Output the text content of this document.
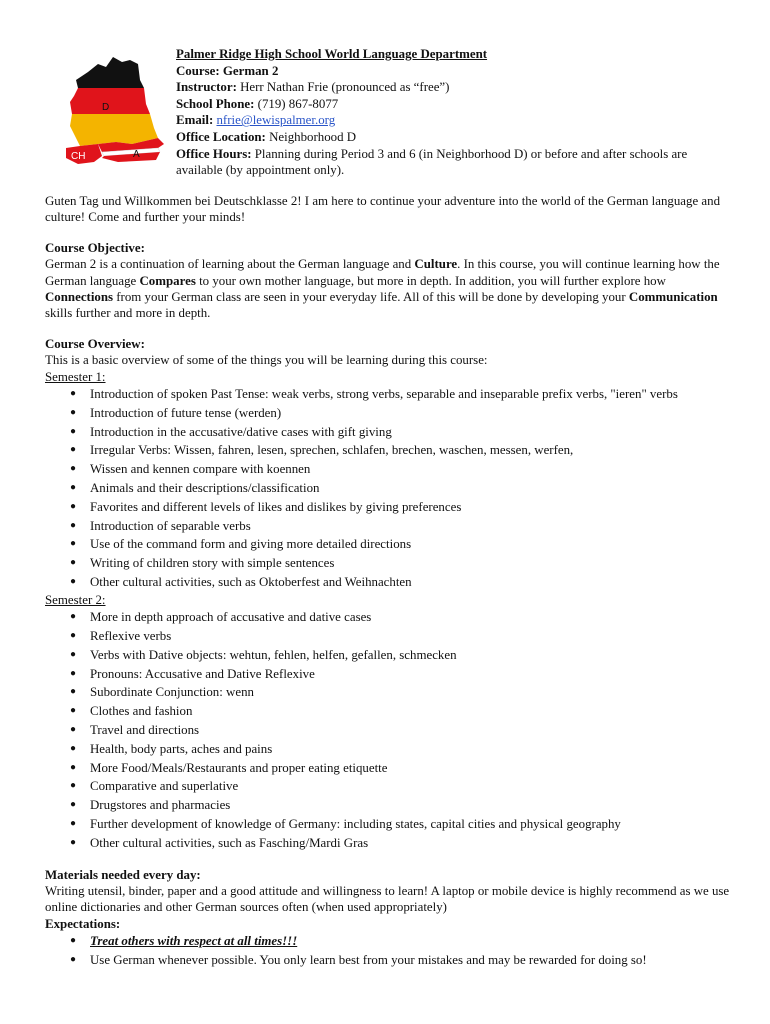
D
CH	A
Palmer Ridge High School World Language Department
Course: German 2
Instructor: Herr Nathan Frie (pronounced as “free”)
School Phone: (719) 867-8077
Email: nfrie@lewispalmer.org
Office Location: Neighborhood D
Office Hours: Planning during Period 3 and 6 (in Neighborhood D) or before and after schools are available (by appointment only).

Guten Tag und Willkommen bei Deutschklasse 2! I am here to continue your adventure into the world of the German language and culture! Come and further your minds!

Course Objective:

German 2 is a continuation of learning about the German language and Culture. In this course, you will continue learning how the German language Compares to your own mother language, but more in depth. In addition, you will further explore how Connections from your German class are seen in your everyday life. All of this will be done by developing your Communication skills further and more in depth.

Course Overview:

This is a basic overview of some of the things you will be learning during this course:

Semester 1:

● Introduction of spoken Past Tense: weak verbs, strong verbs, separable and inseparable prefix verbs, "ieren" verbs
● Introduction of future tense (werden)
● Introduction in the accusative/dative cases with gift giving
● Irregular Verbs: Wissen, fahren, lesen, sprechen, schlafen, brechen, waschen, messen, werfen,
● Wissen and kennen compare with koennen
● Animals and their descriptions/classification
● Favorites and different levels of likes and dislikes by giving preferences
● Introduction of separable verbs
● Use of the command form and giving more detailed directions
● Writing of children story with simple sentences
● Other cultural activities, such as Oktoberfest and Weihnachten

Semester 2:

● More in depth approach of accusative and dative cases
● Reflexive verbs
● Verbs with Dative objects: wehtun, fehlen, helfen, gefallen, schmecken
● Pronouns: Accusative and Dative Reflexive
● Subordinate Conjunction: wenn
● Clothes and fashion
● Travel and directions
● Health, body parts, aches and pains
● More Food/Meals/Restaurants and proper eating etiquette
● Comparative and superlative
● Drugstores and pharmacies
● Further development of knowledge of Germany: including states, capital cities and physical geography
● Other cultural activities, such as Fasching/Mardi Gras

Materials needed every day:

Writing utensil, binder, paper and a good attitude and willingness to learn! A laptop or mobile device is highly recommend as we use online dictionaries and other German sources often (when used appropriately)

Expectations:

● Treat others with respect at all times!!!
● Use German whenever possible. You only learn best from your mistakes and may be rewarded for doing so!
